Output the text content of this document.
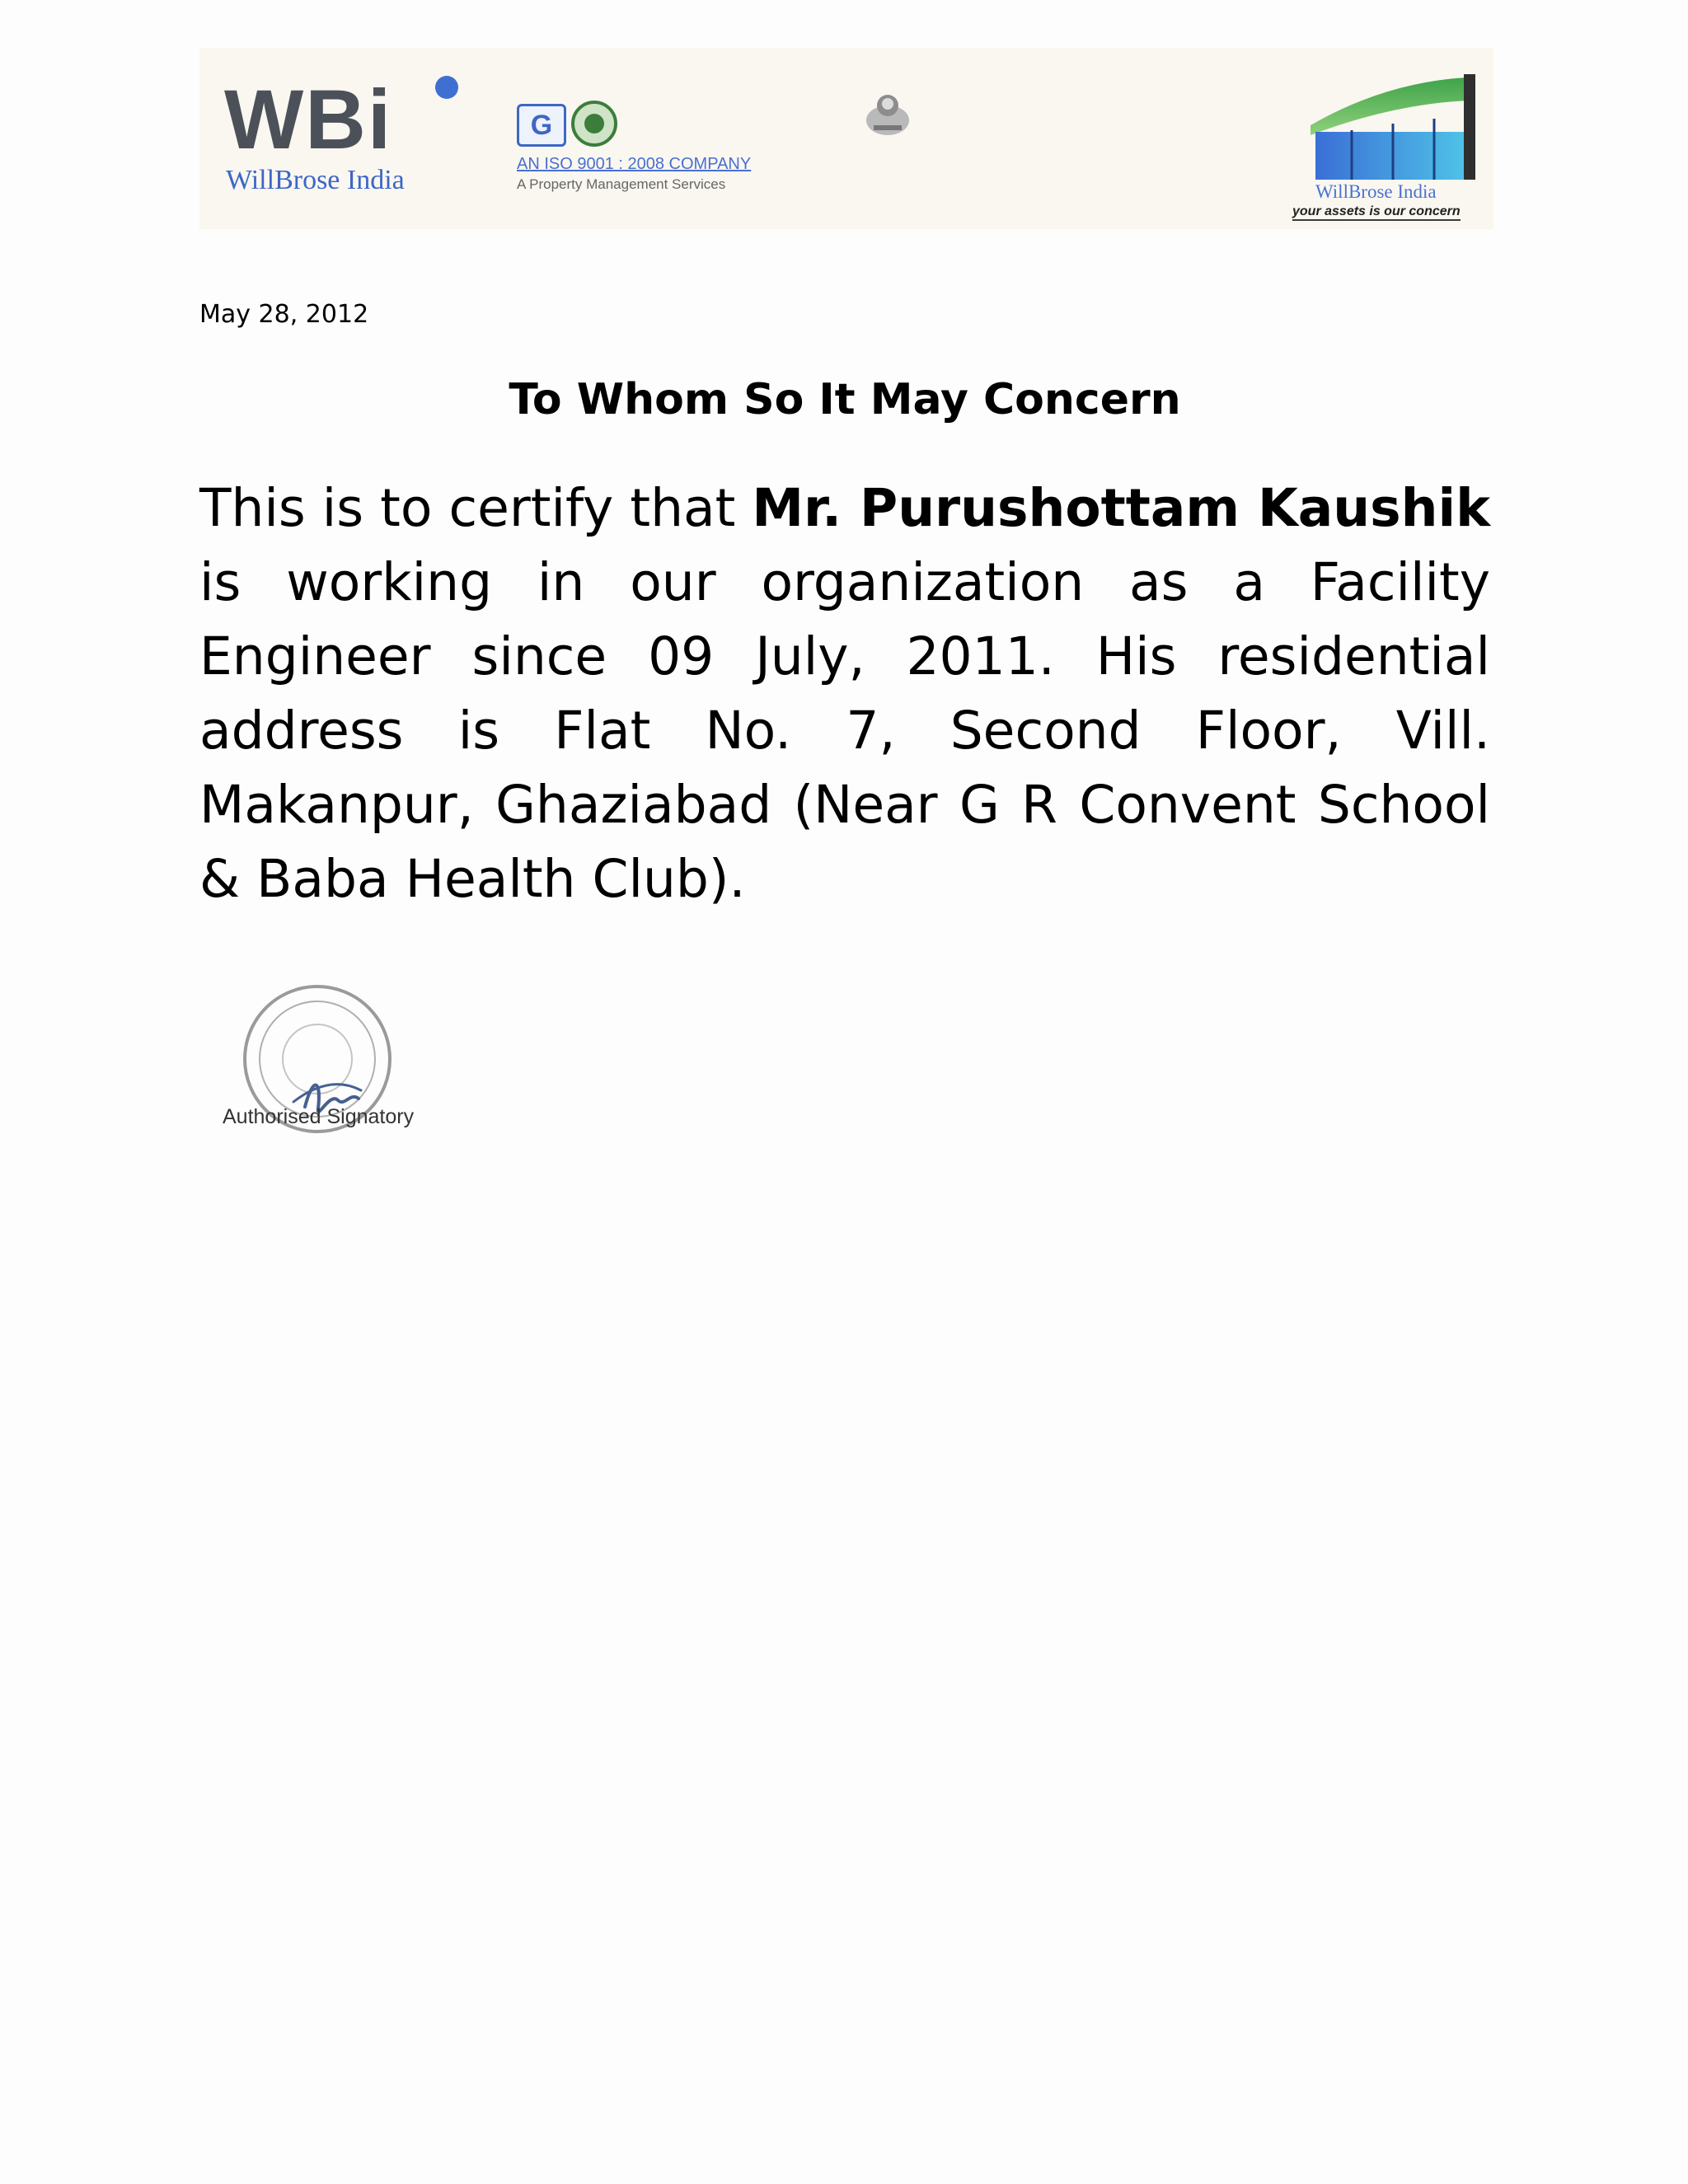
WBi
WillBrose India
G
AN ISO 9001 : 2008 COMPANY
A Property Management Services	WillBrose India
your assets is our concern
May 28, 2012
To Whom So It May Concern
This is to certify that Mr. Purushottam Kaushik is working in our organization as a Facility Engineer since 09 July, 2011. His residential address is Flat No. 7, Second Floor, Vill. Makanpur, Ghaziabad (Near G R Convent School & Baba Health Club).
Authorised Signatory
